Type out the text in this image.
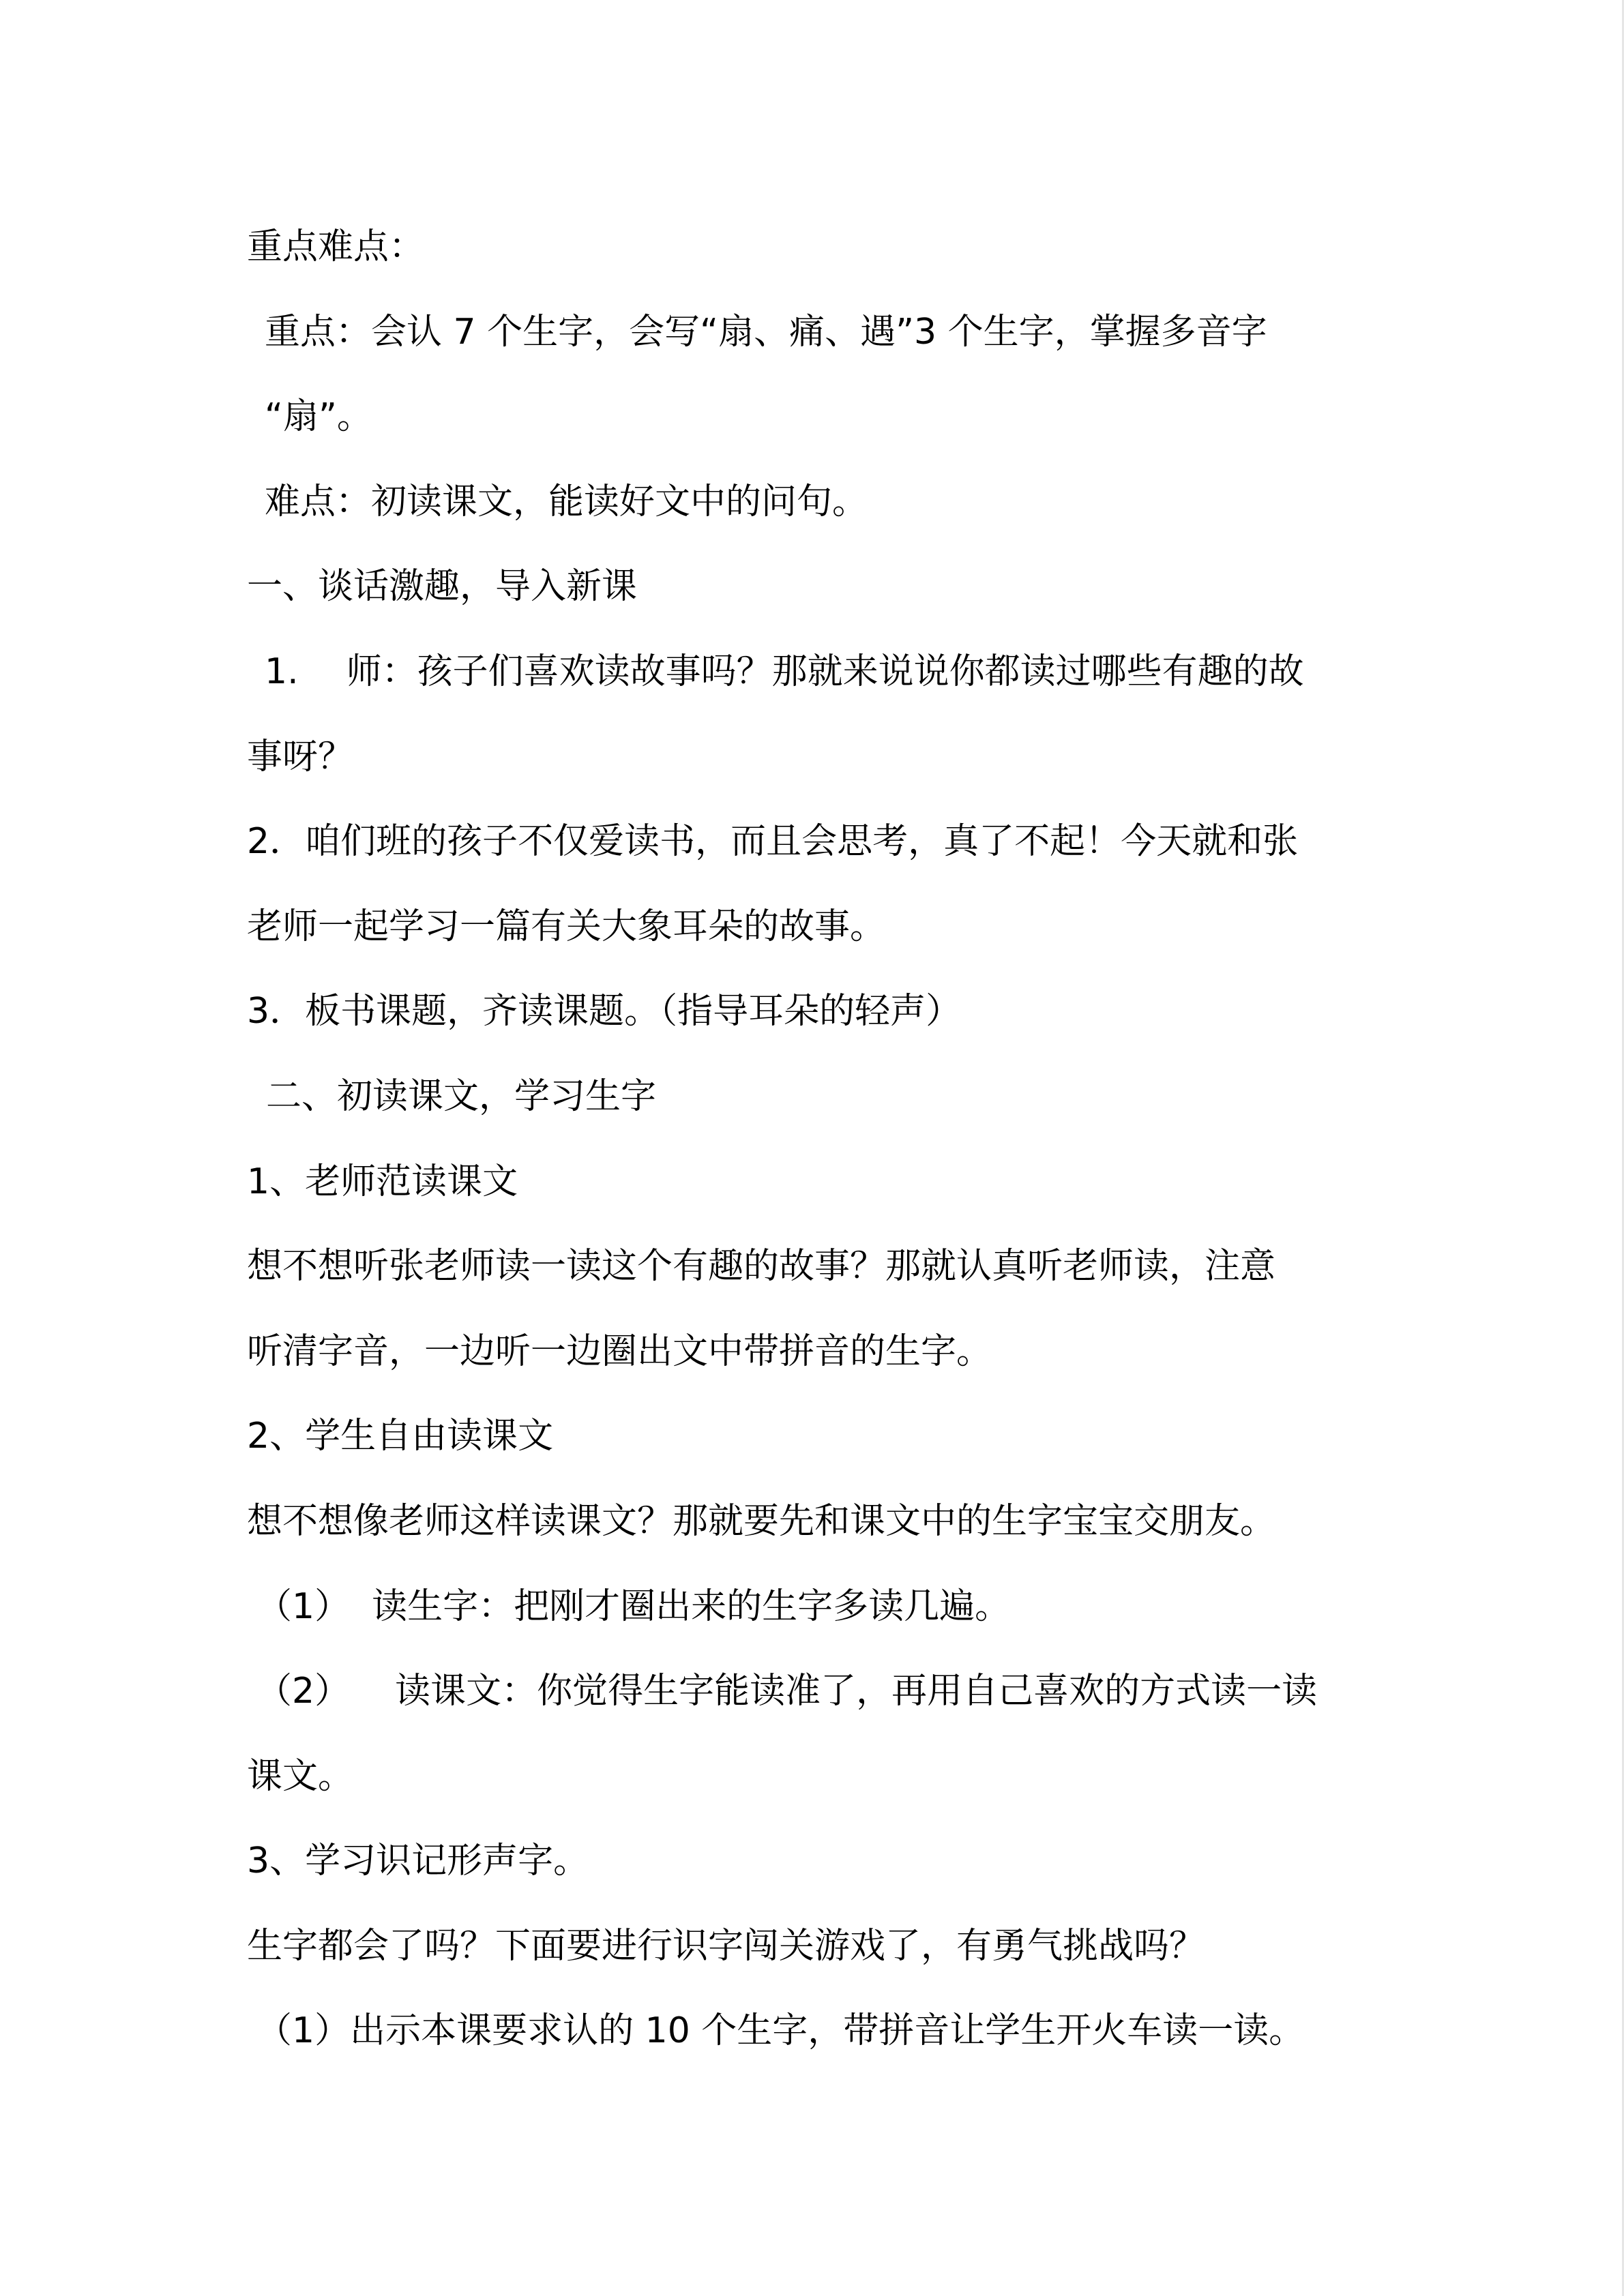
重点难点：
重点：会认 7 个生字，会写“扇、痛、遇”3 个生字，掌握多音字
“扇”。
难点：初读课文，能读好文中的问句。
一、谈话激趣，导入新课
1. 师：孩子们喜欢读故事吗？那就来说说你都读过哪些有趣的故
事呀？
2．咱们班的孩子不仅爱读书，而且会思考，真了不起！今天就和张
老师一起学习一篇有关大象耳朵的故事。
3．板书课题，齐读课题。（指导耳朵的轻声）
二、初读课文，学习生字
1、老师范读课文
想不想听张老师读一读这个有趣的故事？那就认真听老师读，注意
听清字音，一边听一边圈出文中带拼音的生字。
2、学生自由读课文
想不想像老师这样读课文？那就要先和课文中的生字宝宝交朋友。
（1） 读生字：把刚才圈出来的生字多读几遍。
（2） 读课文：你觉得生字能读准了，再用自己喜欢的方式读一读
课文。
3、学习识记形声字。
生字都会了吗？下面要进行识字闯关游戏了，有勇气挑战吗？
（1）出示本课要求认的 10 个生字，带拼音让学生开火车读一读。
